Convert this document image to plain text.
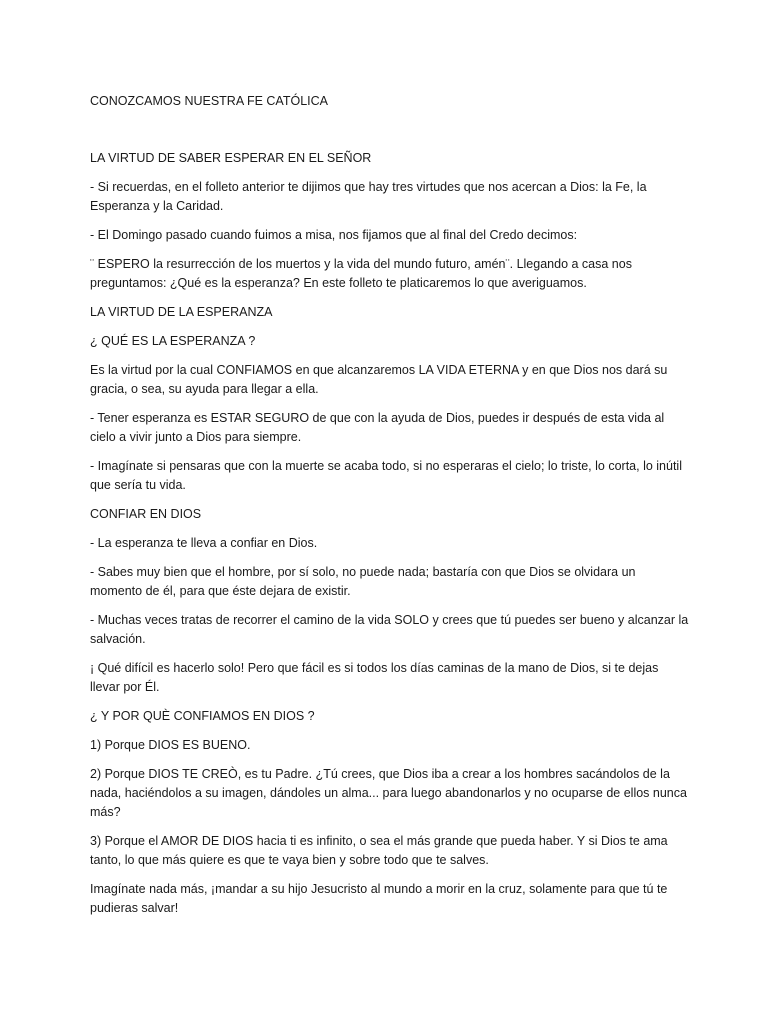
CONOZCAMOS NUESTRA FE CATÓLICA

LA VIRTUD DE SABER ESPERAR EN EL SEÑOR

- Si recuerdas, en el folleto anterior te dijimos que hay tres virtudes que nos acercan a Dios: la Fe, la Esperanza y la Caridad.

- El Domingo pasado cuando fuimos a misa, nos fijamos que al final del Credo decimos:

¨ ESPERO la resurrección de los muertos y la vida del mundo futuro, amén¨. Llegando a casa nos preguntamos: ¿Qué es la esperanza? En este folleto te platicaremos lo que averiguamos.

LA VIRTUD DE LA ESPERANZA

¿ QUÉ ES LA ESPERANZA ?

Es la virtud por la cual CONFIAMOS en que alcanzaremos LA VIDA ETERNA y en que Dios nos dará su gracia, o sea, su ayuda para llegar a ella.

- Tener esperanza es ESTAR SEGURO de que con la ayuda de Dios, puedes ir después de esta vida al cielo a vivir junto a Dios para siempre.

- Imagínate si pensaras que con la muerte se acaba todo, si no esperaras el cielo; lo triste, lo corta, lo inútil que sería tu vida.

CONFIAR EN DIOS

- La esperanza te lleva a confiar en Dios.

- Sabes muy bien que el hombre, por sí solo, no puede nada; bastaría con que Dios se olvidara un momento de él, para que éste dejara de existir.

- Muchas veces tratas de recorrer el camino de la vida SOLO y crees que tú puedes ser bueno y alcanzar la salvación.

¡ Qué difícil es hacerlo solo! Pero que fácil es si todos los días caminas de la mano de Dios, si te dejas llevar por Él.

¿ Y POR QUÈ CONFIAMOS EN DIOS ?

1) Porque DIOS ES BUENO.

2) Porque DIOS TE CREÒ, es tu Padre. ¿Tú crees, que Dios iba a crear a los hombres sacándolos de la nada, haciéndolos a su imagen, dándoles un alma... para luego abandonarlos y no ocuparse de ellos nunca más?

3) Porque el AMOR DE DIOS hacia ti es infinito, o sea el más grande que pueda haber. Y si Dios te ama tanto, lo que más quiere es que te vaya bien y sobre todo que te salves.

Imagínate nada más, ¡mandar a su hijo Jesucristo al mundo a morir en la cruz, solamente para que tú te pudieras salvar!
